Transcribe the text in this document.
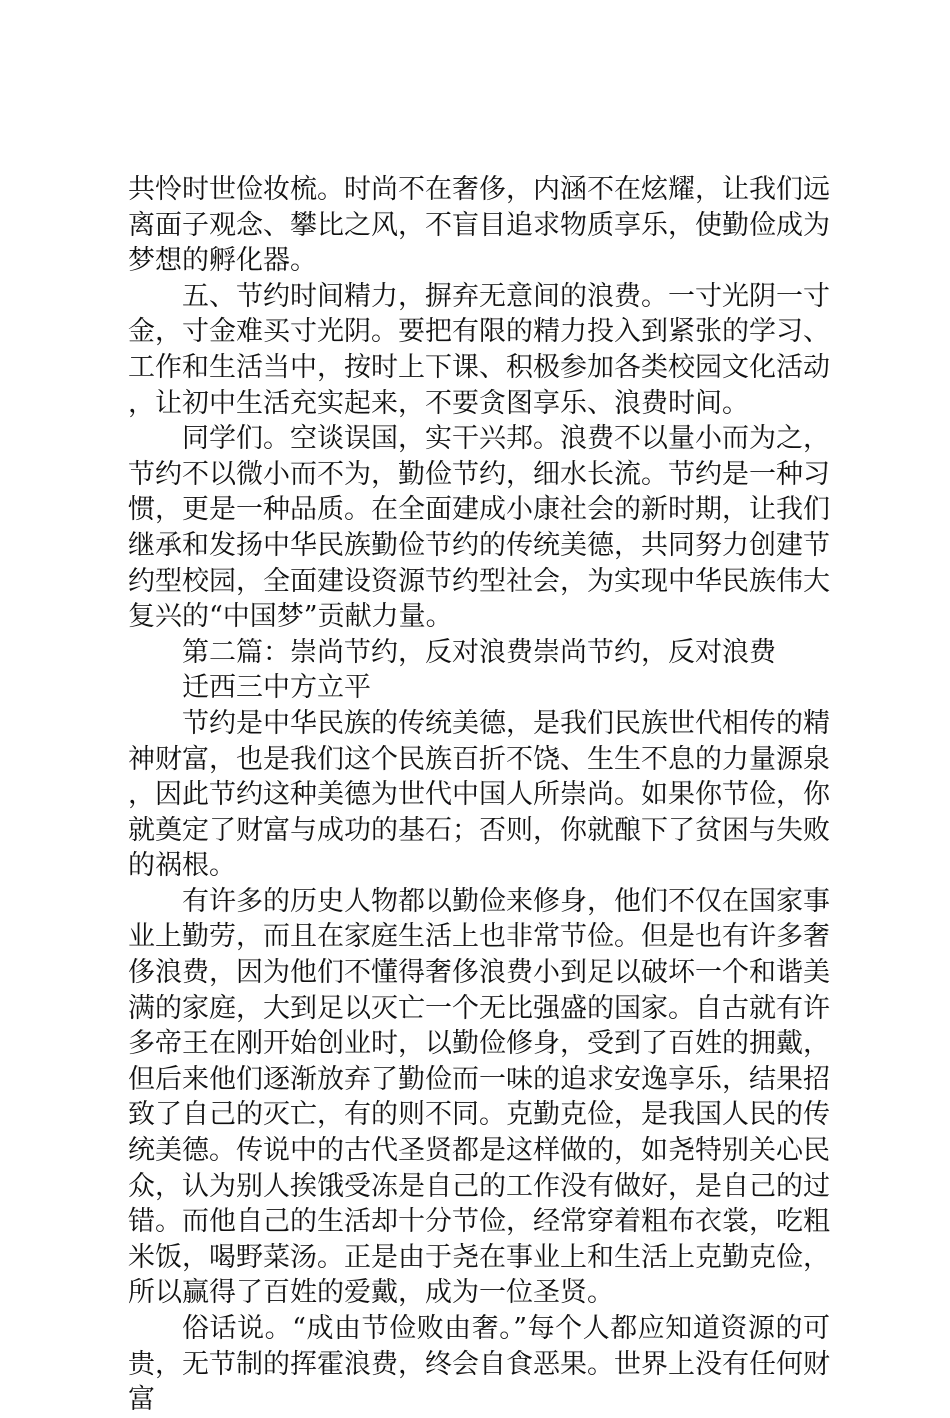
共怜时世俭妆梳。时尚不在奢侈，内涵不在炫耀，让我们远离面子观念、攀比之风，不盲目追求物质享乐，使勤俭成为梦想的孵化器。

五、节约时间精力，摒弃无意间的浪费。一寸光阴一寸金，寸金难买寸光阴。要把有限的精力投入到紧张的学习、工作和生活当中，按时上下课、积极参加各类校园文化活动，让初中生活充实起来，不要贪图享乐、浪费时间。

同学们。空谈误国，实干兴邦。浪费不以量小而为之，节约不以微小而不为，勤俭节约，细水长流。节约是一种习惯，更是一种品质。在全面建成小康社会的新时期，让我们继承和发扬中华民族勤俭节约的传统美德，共同努力创建节约型校园，全面建设资源节约型社会，为实现中华民族伟大复兴的“中国梦”贡献力量。

第二篇：崇尚节约，反对浪费崇尚节约，反对浪费

迁西三中方立平

节约是中华民族的传统美德，是我们民族世代相传的精神财富，也是我们这个民族百折不饶、生生不息的力量源泉，因此节约这种美德为世代中国人所崇尚。如果你节俭，你就奠定了财富与成功的基石；否则，你就酿下了贫困与失败的祸根。

有许多的历史人物都以勤俭来修身，他们不仅在国家事业上勤劳，而且在家庭生活上也非常节俭。但是也有许多奢侈浪费，因为他们不懂得奢侈浪费小到足以破坏一个和谐美满的家庭，大到足以灭亡一个无比强盛的国家。自古就有许多帝王在刚开始创业时，以勤俭修身，受到了百姓的拥戴，但后来他们逐渐放弃了勤俭而一味的追求安逸享乐，结果招致了自己的灭亡，有的则不同。克勤克俭，是我国人民的传统美德。传说中的古代圣贤都是这样做的，如尧特别关心民众，认为别人挨饿受冻是自己的工作没有做好，是自己的过错。而他自己的生活却十分节俭，经常穿着粗布衣裳，吃粗米饭，喝野菜汤。正是由于尧在事业上和生活上克勤克俭，所以赢得了百姓的爱戴，成为一位圣贤。

俗话说。“成由节俭败由奢。”每个人都应知道资源的可贵，无节制的挥霍浪费，终会自食恶果。世界上没有任何财富
